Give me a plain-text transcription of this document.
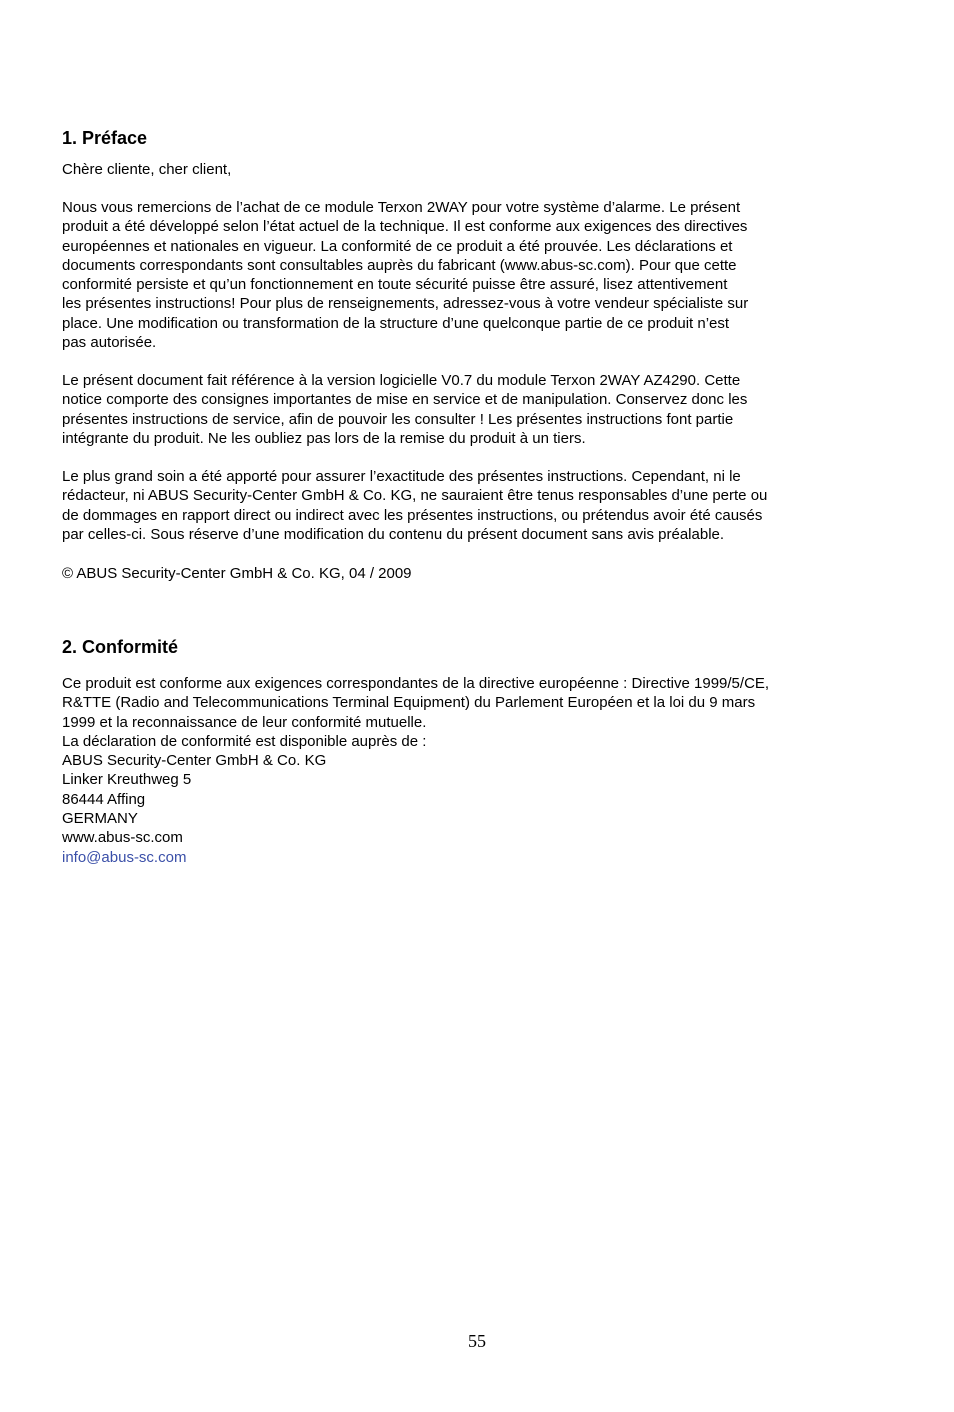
1. Préface

Chère cliente, cher client,

Nous vous remercions de l’achat de ce module Terxon 2WAY pour votre système d’alarme. Le présent
produit a été développé selon l’état actuel de la technique. Il est conforme aux exigences des directives
européennes et nationales en vigueur. La conformité de ce produit a été prouvée. Les déclarations et
documents correspondants sont consultables auprès du fabricant (www.abus-sc.com). Pour que cette
conformité persiste et qu’un fonctionnement en toute sécurité puisse être assuré, lisez attentivement
les présentes instructions! Pour plus de renseignements, adressez-vous à votre vendeur spécialiste sur
place. Une modification ou transformation de la structure d’une quelconque partie de ce produit n’est
pas autorisée.

Le présent document fait référence à la version logicielle V0.7 du module Terxon 2WAY AZ4290. Cette
notice comporte des consignes importantes de mise en service et de manipulation. Conservez donc les
présentes instructions de service, afin de pouvoir les consulter ! Les présentes instructions font partie
intégrante du produit. Ne les oubliez pas lors de la remise du produit à un tiers.

Le plus grand soin a été apporté pour assurer l’exactitude des présentes instructions. Cependant, ni le
rédacteur, ni ABUS Security-Center GmbH & Co. KG, ne sauraient être tenus responsables d’une perte ou
de dommages en rapport direct ou indirect avec les présentes instructions, ou prétendus avoir été causés
par celles-ci. Sous réserve d’une modification du contenu du présent document sans avis préalable.

© ABUS Security-Center GmbH & Co. KG, 04 / 2009

2. Conformité

Ce produit est conforme aux exigences correspondantes de la directive européenne : Directive 1999/5/CE,
R&TTE (Radio and Telecommunications Terminal Equipment) du Parlement Européen et la loi du 9 mars
1999 et la reconnaissance de leur conformité mutuelle.
La déclaration de conformité est disponible auprès de :
ABUS Security-Center GmbH & Co. KG
Linker Kreuthweg 5
86444 Affing
GERMANY
www.abus-sc.com
info@abus-sc.com

55
